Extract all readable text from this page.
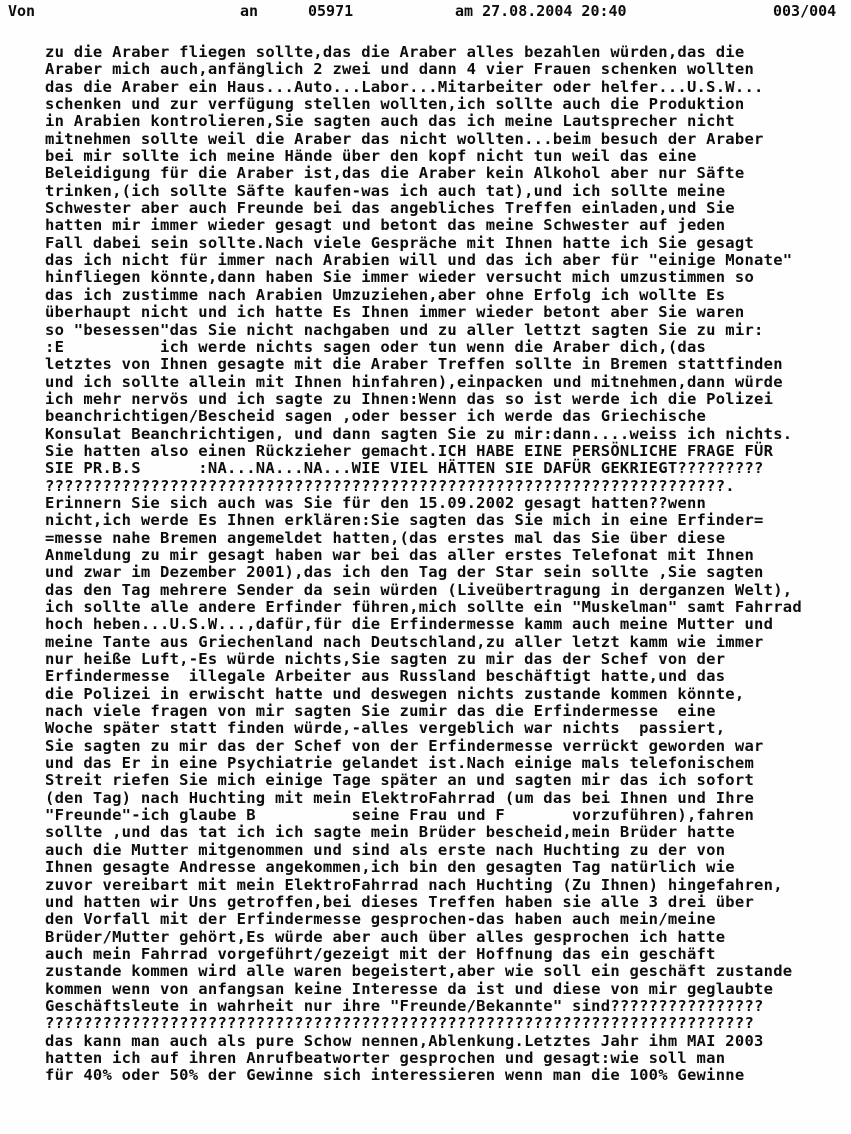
Von

	an

	05971

	am 27.08.2004 20:40

	003/004

zu die Araber fliegen sollte,das die Araber alles bezahlen würden,das die
Araber mich auch,anfänglich 2 zwei und dann 4 vier Frauen schenken wollten
das die Araber ein Haus...Auto...Labor...Mitarbeiter oder helfer...U.S.W...
schenken und zur verfügung stellen wollten,ich sollte auch die Produktion
in Arabien kontrolieren,Sie sagten auch das ich meine Lautsprecher nicht
mitnehmen sollte weil die Araber das nicht wollten...beim besuch der Araber
bei mir sollte ich meine Hände über den kopf nicht tun weil das eine
Beleidigung für die Araber ist,das die Araber kein Alkohol aber nur Säfte
trinken,(ich sollte Säfte kaufen-was ich auch tat),und ich sollte meine
Schwester aber auch Freunde bei das angebliches Treffen einladen,und Sie
hatten mir immer wieder gesagt und betont das meine Schwester auf jeden
Fall dabei sein sollte.Nach viele Gespräche mit Ihnen hatte ich Sie gesagt
das ich nicht für immer nach Arabien will und das ich aber für "einige Monate"
hinfliegen könnte,dann haben Sie immer wieder versucht mich umzustimmen so
das ich zustimme nach Arabien Umzuziehen,aber ohne Erfolg ich wollte Es
überhaupt nicht und ich hatte Es Ihnen immer wieder betont aber Sie waren
so "besessen"das Sie nicht nachgaben und zu aller lettzt sagten Sie zu mir:
:E          ich werde nichts sagen oder tun wenn die Araber dich,(das
letztes von Ihnen gesagte mit die Araber Treffen sollte in Bremen stattfinden
und ich sollte allein mit Ihnen hinfahren),einpacken und mitnehmen,dann würde
ich mehr nervös und ich sagte zu Ihnen:Wenn das so ist werde ich die Polizei
beanchrichtigen/Bescheid sagen ,oder besser ich werde das Griechische
Konsulat Beanchrichtigen, und dann sagten Sie zu mir:dann....weiss ich nichts.
Sie hatten also einen Rückzieher gemacht.ICH HABE EINE PERSÖNLICHE FRAGE FÜR
SIE PR.B.S      :NA...NA...NA...WIE VIEL HÄTTEN SIE DAFÜR GEKRIEGT?????????
???????????????????????????????????????????????????????????????????????.
Erinnern Sie sich auch was Sie für den 15.09.2002 gesagt hatten??wenn
nicht,ich werde Es Ihnen erklären:Sie sagten das Sie mich in eine Erfinder=
=messe nahe Bremen angemeldet hatten,(das erstes mal das Sie über diese
Anmeldung zu mir gesagt haben war bei das aller erstes Telefonat mit Ihnen
und zwar im Dezember 2001),das ich den Tag der Star sein sollte ,Sie sagten
das den Tag mehrere Sender da sein würden (Liveübertragung in derganzen Welt),
ich sollte alle andere Erfinder führen,mich sollte ein "Muskelman" samt Fahrrad
hoch heben...U.S.W...,dafür,für die Erfindermesse kamm auch meine Mutter und
meine Tante aus Griechenland nach Deutschland,zu aller letzt kamm wie immer
nur heiße Luft,-Es würde nichts,Sie sagten zu mir das der Schef von der
Erfindermesse  illegale Arbeiter aus Russland beschäftigt hatte,und das
die Polizei in erwischt hatte und deswegen nichts zustande kommen könnte,
nach viele fragen von mir sagten Sie zumir das die Erfindermesse  eine
Woche später statt finden würde,-alles vergeblich war nichts  passiert,
Sie sagten zu mir das der Schef von der Erfindermesse verrückt geworden war
und das Er in eine Psychiatrie gelandet ist.Nach einige mals telefonischem
Streit riefen Sie mich einige Tage später an und sagten mir das ich sofort
(den Tag) nach Huchting mit mein ElektroFahrrad (um das bei Ihnen und Ihre
"Freunde"-ich glaube B          seine Frau und F       vorzuführen),fahren
sollte ,und das tat ich ich sagte mein Brüder bescheid,mein Brüder hatte
auch die Mutter mitgenommen und sind als erste nach Huchting zu der von
Ihnen gesagte Andresse angekommen,ich bin den gesagten Tag natürlich wie
zuvor vereibart mit mein ElektroFahrrad nach Huchting (Zu Ihnen) hingefahren,
und hatten wir Uns getroffen,bei dieses Treffen haben sie alle 3 drei über
den Vorfall mit der Erfindermesse gesprochen-das haben auch mein/meine
Brüder/Mutter gehört,Es würde aber auch über alles gesprochen ich hatte
auch mein Fahrrad vorgeführt/gezeigt mit der Hoffnung das ein geschäft
zustande kommen wird alle waren begeistert,aber wie soll ein geschäft zustande
kommen wenn von anfangsan keine Interesse da ist und diese von mir geglaubte
Geschäftsleute in wahrheit nur ihre "Freunde/Bekannte" sind????????????????
??????????????????????????????????????????????????????????????????????????
das kann man auch als pure Schow nennen,Ablenkung.Letztes Jahr ihm MAI 2003
hatten ich auf ihren Anrufbeatworter gesprochen und gesagt:wie soll man
für 40% oder 50% der Gewinne sich interessieren wenn man die 100% Gewinne
